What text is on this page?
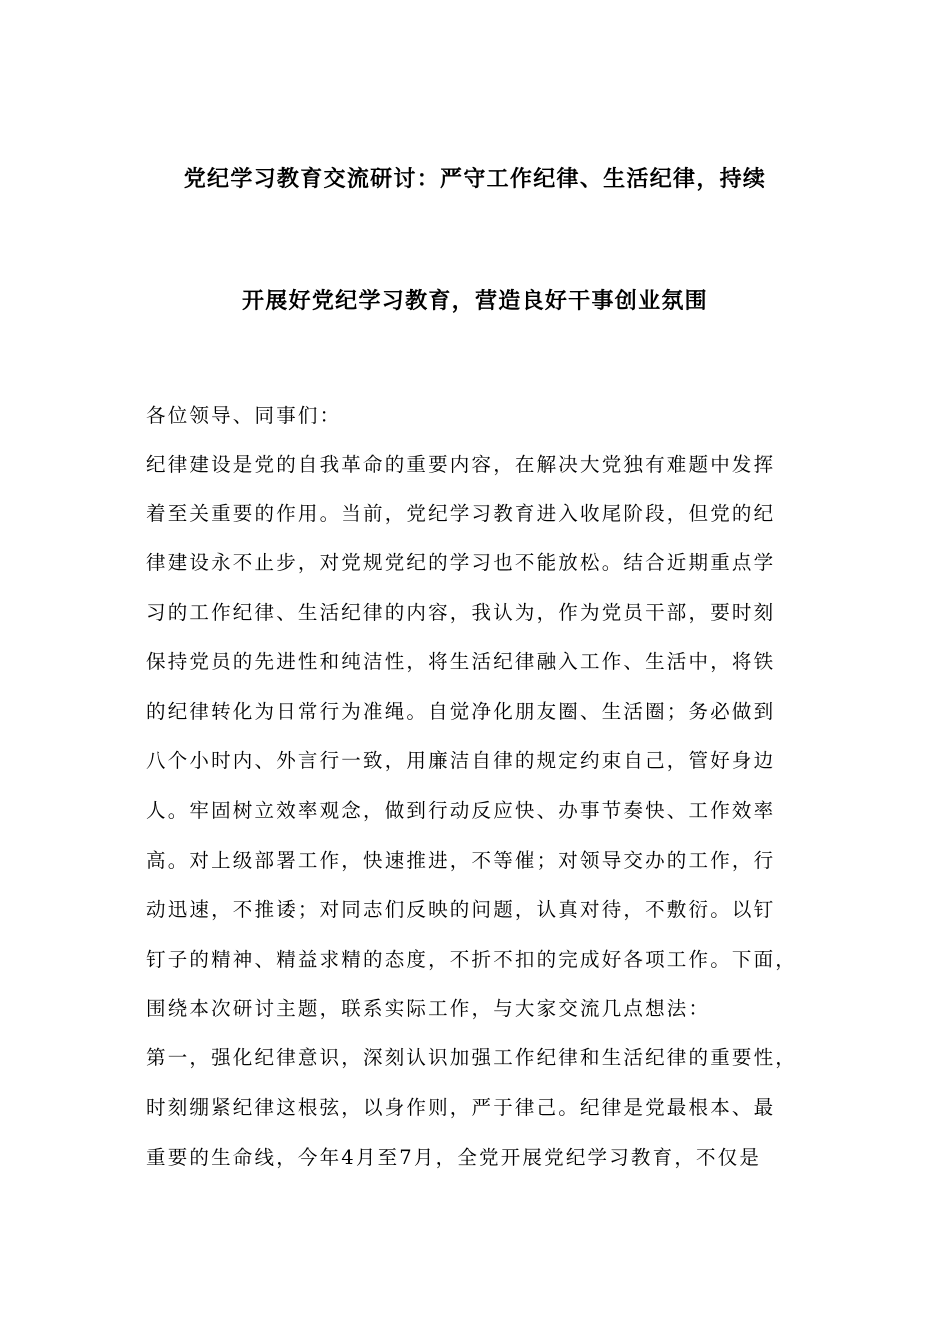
党纪学习教育交流研讨：严守工作纪律、生活纪律，持续
开展好党纪学习教育，营造良好干事创业氛围
各位领导、同事们：
纪律建设是党的自我革命的重要内容，在解决大党独有难题中发挥
着至关重要的作用。当前，党纪学习教育进入收尾阶段，但党的纪
律建设永不止步，对党规党纪的学习也不能放松。结合近期重点学
习的工作纪律、生活纪律的内容，我认为，作为党员干部，要时刻
保持党员的先进性和纯洁性，将生活纪律融入工作、生活中，将铁
的纪律转化为日常行为准绳。自觉净化朋友圈、生活圈；务必做到
八个小时内、外言行一致，用廉洁自律的规定约束自己，管好身边
人。牢固树立效率观念，做到行动反应快、办事节奏快、工作效率
高。对上级部署工作，快速推进，不等催；对领导交办的工作，行
动迅速，不推诿；对同志们反映的问题，认真对待，不敷衍。以钉
钉子的精神、精益求精的态度，不折不扣的完成好各项工作。下面，
围绕本次研讨主题，联系实际工作，与大家交流几点想法：
第一，强化纪律意识，深刻认识加强工作纪律和生活纪律的重要性，
时刻绷紧纪律这根弦，以身作则，严于律己。纪律是党最根本、最
重要的生命线，今年4月至7月，全党开展党纪学习教育，不仅是
